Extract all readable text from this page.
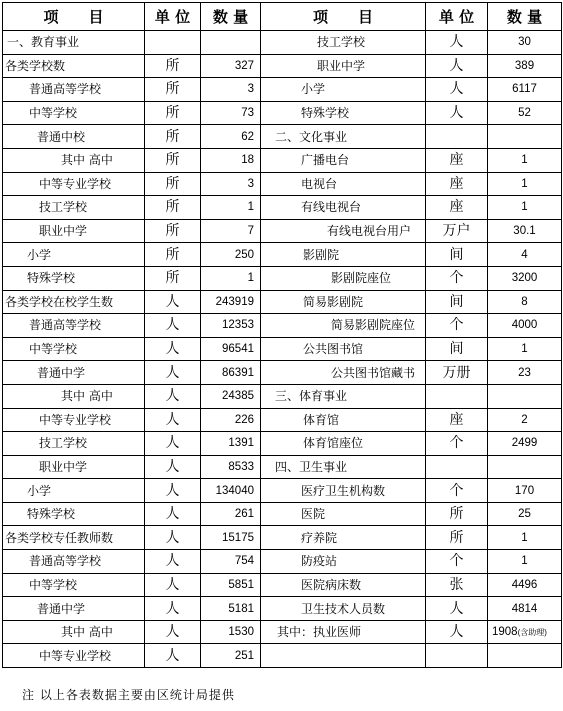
项　　目	单 位	数 量	项　　目	单 位	数 量
一、教育事业			技工学校	人	30
各类学校数	所	327	职业中学	人	389
普通高等学校	所	3	小学	人	6117
中等学校	所	73	特殊学校	人	52
普通中校	所	62	二、文化事业		
其中 高中	所	18	广播电台	座	1
中等专业学校	所	3	电视台	座	1
技工学校	所	1	有线电视台	座	1
职业中学	所	7	有线电视台用户	万户	30.1
小学	所	250	影剧院	间	4
特殊学校	所	1	影剧院座位	个	3200
各类学校在校学生数	人	243919	简易影剧院	间	8
普通高等学校	人	12353	简易影剧院座位	个	4000
中等学校	人	96541	公共图书馆	间	1
普通中学	人	86391	公共图书馆藏书	万册	23
其中 高中	人	24385	三、体育事业		
中等专业学校	人	226	体育馆	座	2
技工学校	人	1391	体育馆座位	个	2499
职业中学	人	8533	四、卫生事业		
小学	人	134040	医疗卫生机构数	个	170
特殊学校	人	261	医院	所	25
各类学校专任教师数	人	15175	疗养院	所	1
普通高等学校	人	754	防疫站	个	1
中等学校	人	5851	医院病床数	张	4496
普通中学	人	5181	卫生技术人员数	人	4814
其中 高中	人	1530	其中：执业医师	人	1908(含助理)
中等专业学校	人	251			
注 以上各表数据主要由区统计局提供
